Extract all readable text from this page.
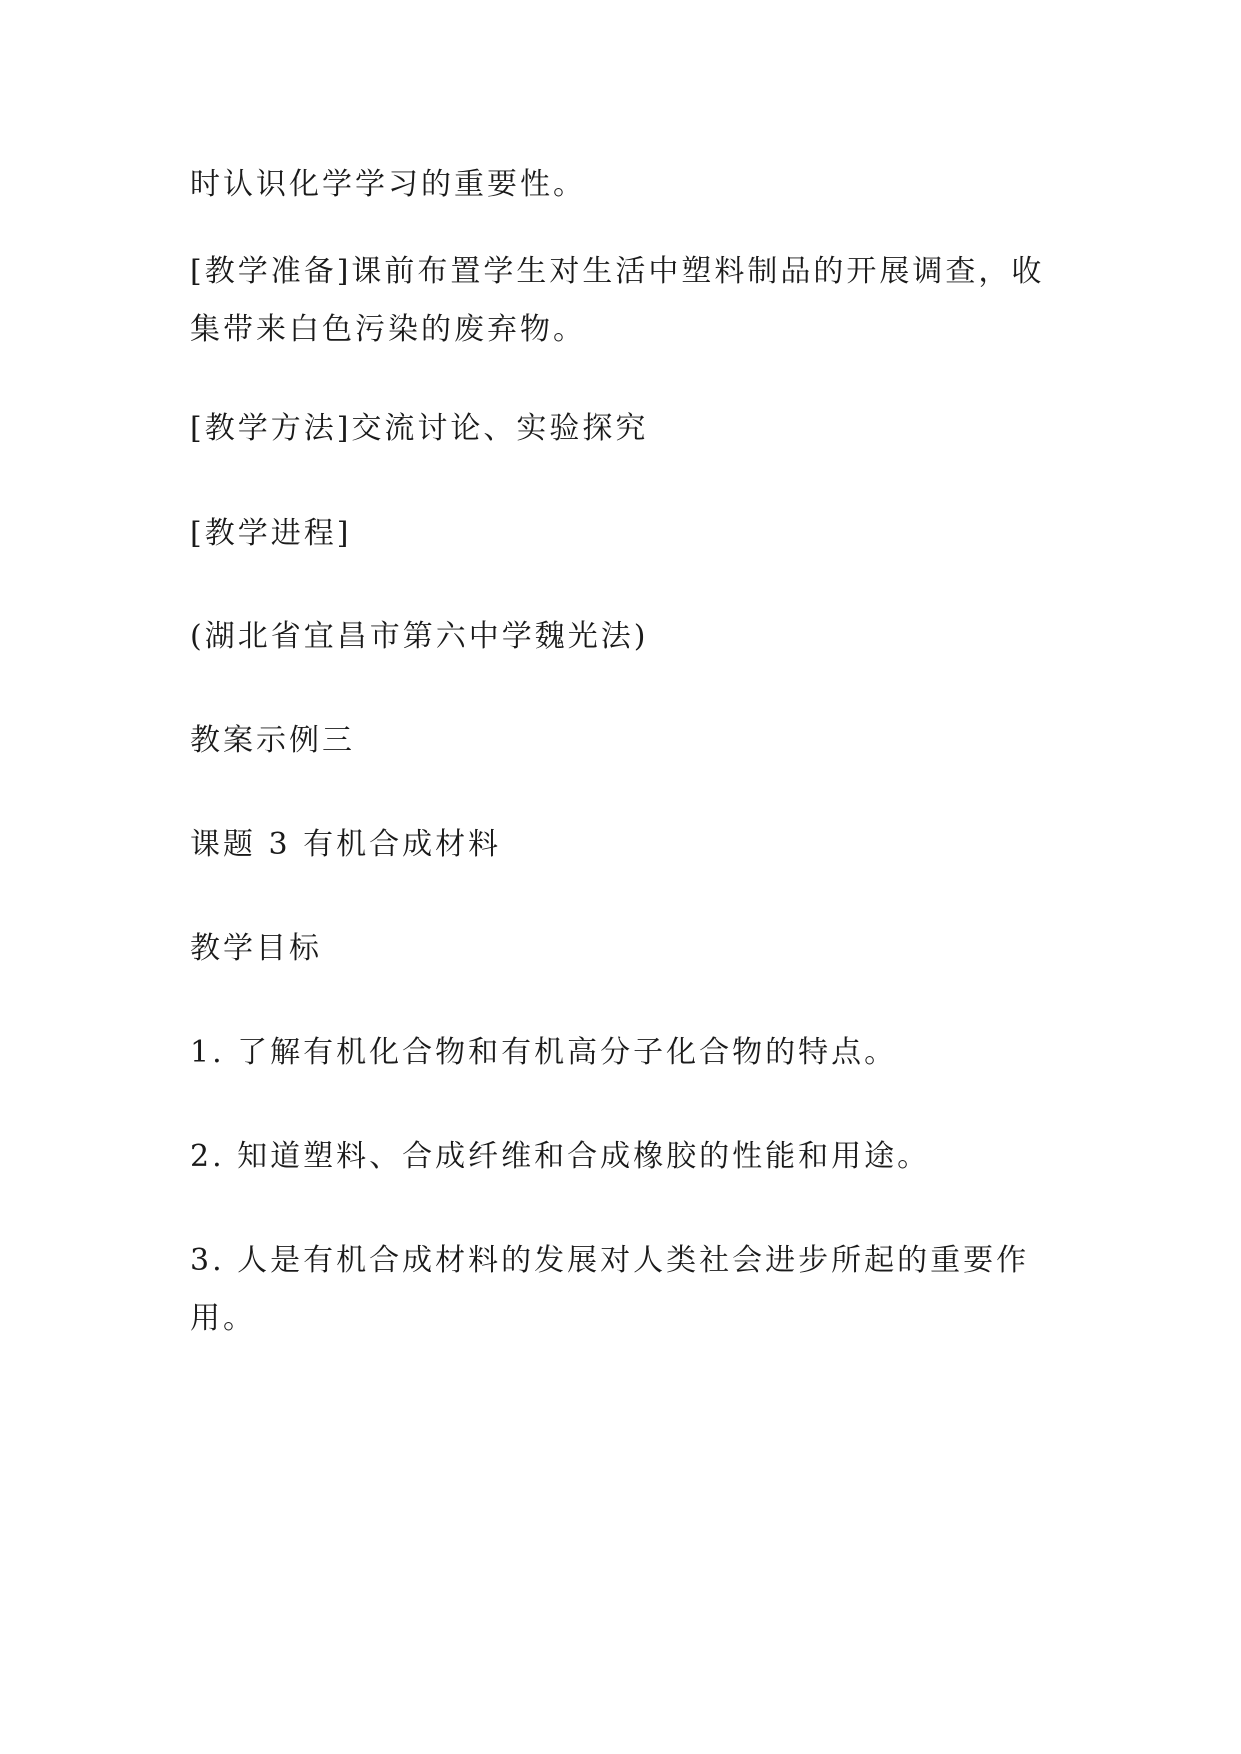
时认识化学学习的重要性。

[教学准备]课前布置学生对生活中塑料制品的开展调查，收集带来白色污染的废弃物。

[教学方法]交流讨论、实验探究

[教学进程]

(湖北省宜昌市第六中学魏光法)

教案示例三

课题 3 有机合成材料

教学目标

1. 了解有机化合物和有机高分子化合物的特点。

2. 知道塑料、合成纤维和合成橡胶的性能和用途。

3. 人是有机合成材料的发展对人类社会进步所起的重要作用。
